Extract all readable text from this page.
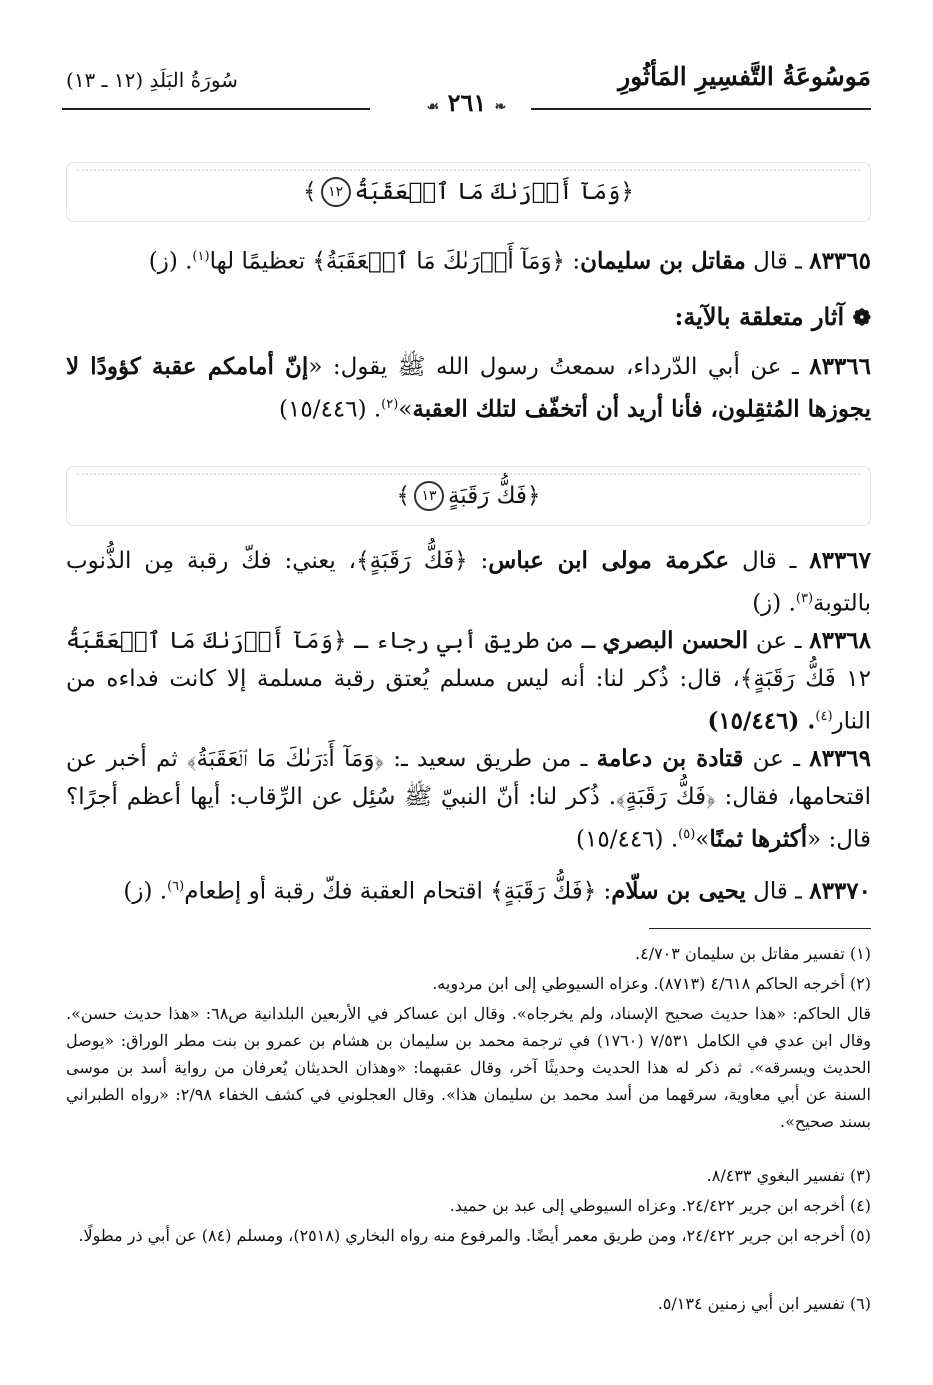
مَوسُوعَةُ التَّفسِيرِ المَأثُورِ
سُورَةُ البَلَدِ (١٢ ـ ١٣)
❧ ٢٦١ ☙
﴿وَمَآ أَدۡرَىٰكَ مَا ٱلۡعَقَبَةُ
١٢
﴾
٨٣٣٦٥ ـ قال مقاتل بن سليمان: ﴿وَمَآ أَدۡرَىٰكَ مَا ٱلۡعَقَبَةُ﴾ تعظيمًا لها$^{(١)}$. (ز)
❁ آثار متعلقة بالآية:
٨٣٣٦٦ ـ عن أبي الدّرداء، سمعتُ رسول الله ﷺ يقول: «إنّ أمامكم عقبة كؤودًا لا يجوزها المُثقِلون، فأنا أريد أن أتخفّف لتلك العقبة»$^{(٢)}$. (١٥/٤٤٦)
﴿فَكُّ رَقَبَةٍ
١٣
﴾
٨٣٣٦٧ ـ قال عكرمة مولى ابن عباس: ﴿فَكُّ رَقَبَةٍ﴾، يعني: فكّ رقبة مِن الذُّنوب بالتوبة$^{(٣)}$. (ز)
٨٣٣٦٨ ـ عن الحسن البصري ـ من طريق أبي رجاء ـ ﴿وَمَآ أَدۡرَىٰكَ مَا ٱلۡعَقَبَةُ ١٢ فَكُّ رَقَبَةٍ﴾، قال: ذُكر لنا: أنه ليس مسلم يُعتق رقبة مسلمة إلا كانت فداءه من النار$^{(٤)}$. (١٥/٤٤٦)
٨٣٣٦٩ ـ عن قتادة بن دعامة ـ من طريق سعيد ـ: ﴿وَمَآ أَدۡرَىٰكَ مَا ٱلۡعَقَبَةُ﴾ ثم أخبر عن اقتحامها، فقال: ﴿فَكُّ رَقَبَةٍ﴾. ذُكر لنا: أنّ النبيّ ﷺ سُئِل عن الرِّقاب: أيها أعظم أجرًا؟ قال: «أكثرها ثمنًا»$^{(٥)}$. (١٥/٤٤٦)
٨٣٣٧٠ ـ قال يحيى بن سلّام: ﴿فَكُّ رَقَبَةٍ﴾ اقتحام العقبة فكّ رقبة أو إطعام$^{(٦)}$. (ز)
(١) تفسير مقاتل بن سليمان ٤/٧٠٣.
(٢) أخرجه الحاكم ٤/٦١٨ (٨٧١٣). وعزاه السيوطي إلى ابن مردويه.
قال الحاكم: «هذا حديث صحيح الإسناد، ولم يخرجاه». وقال ابن عساكر في الأربعين البلدانية ص٦٨: «هذا حديث حسن». وقال ابن عدي في الكامل ٧/٥٣١ (١٧٦٠) في ترجمة محمد بن سليمان بن هشام بن عمرو بن بنت مطر الوراق: «يوصل الحديث ويسرقه». ثم ذكر له هذا الحديث وحديثًا آخر، وقال عقبهما: «وهذان الحديثان يُعرفان من رواية أسد بن موسى السنة عن أبي معاوية، سرقهما من أسد محمد بن سليمان هذا». وقال العجلوني في كشف الخفاء ٢/٩٨: «رواه الطبراني بسند صحيح».
(٣) تفسير البغوي ٨/٤٣٣.
(٤) أخرجه ابن جرير ٢٤/٤٢٢. وعزاه السيوطي إلى عبد بن حميد.
(٥) أخرجه ابن جرير ٢٤/٤٢٢، ومن طريق معمر أيضًا. والمرفوع منه رواه البخاري (٢٥١٨)، ومسلم (٨٤) عن أبي ذر مطولًا.
(٦) تفسير ابن أبي زمنين ٥/١٣٤.
